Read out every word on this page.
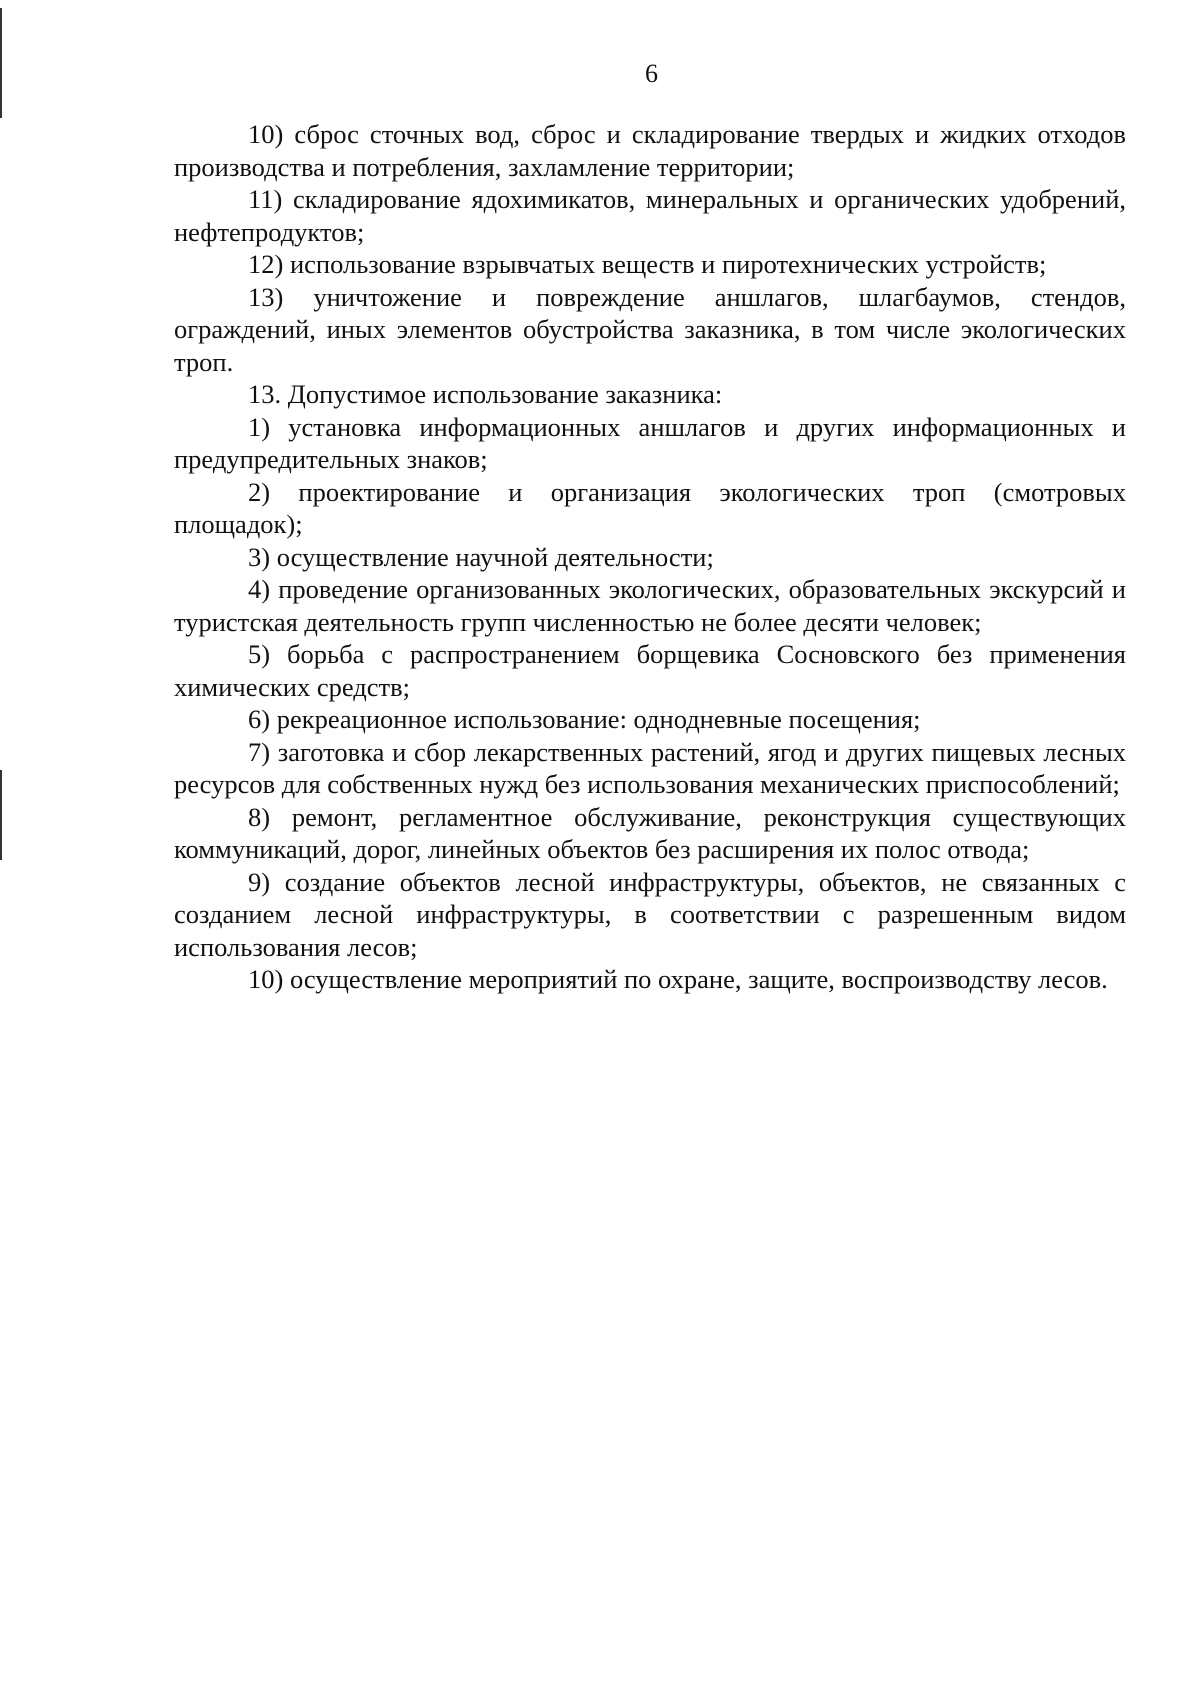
6

10) сброс сточных вод, сброс и складирование твердых и жидких отходов производства и потребления, захламление территории;

11) складирование ядохимикатов, минеральных и органических удобрений, нефтепродуктов;

12) использование взрывчатых веществ и пиротехнических устройств;

13) уничтожение и повреждение аншлагов, шлагбаумов, стендов, ограждений, иных элементов обустройства заказника, в том числе экологических троп.

13. Допустимое использование заказника:

1) установка информационных аншлагов и других информационных и предупредительных знаков;

2) проектирование и организация экологических троп (смотровых площадок);

3) осуществление научной деятельности;

4) проведение организованных экологических, образовательных экскурсий и туристская деятельность групп численностью не более десяти человек;

5) борьба с распространением борщевика Сосновского без применения химических средств;

6) рекреационное использование: однодневные посещения;

7) заготовка и сбор лекарственных растений, ягод и других пищевых лесных ресурсов для собственных нужд без использования механических приспособлений;

8) ремонт, регламентное обслуживание, реконструкция существующих коммуникаций, дорог, линейных объектов без расширения их полос отвода;

9) создание объектов лесной инфраструктуры, объектов, не связанных с созданием лесной инфраструктуры, в соответствии с разрешенным видом использования лесов;

10) осуществление мероприятий по охране, защите, воспроизводству лесов.
